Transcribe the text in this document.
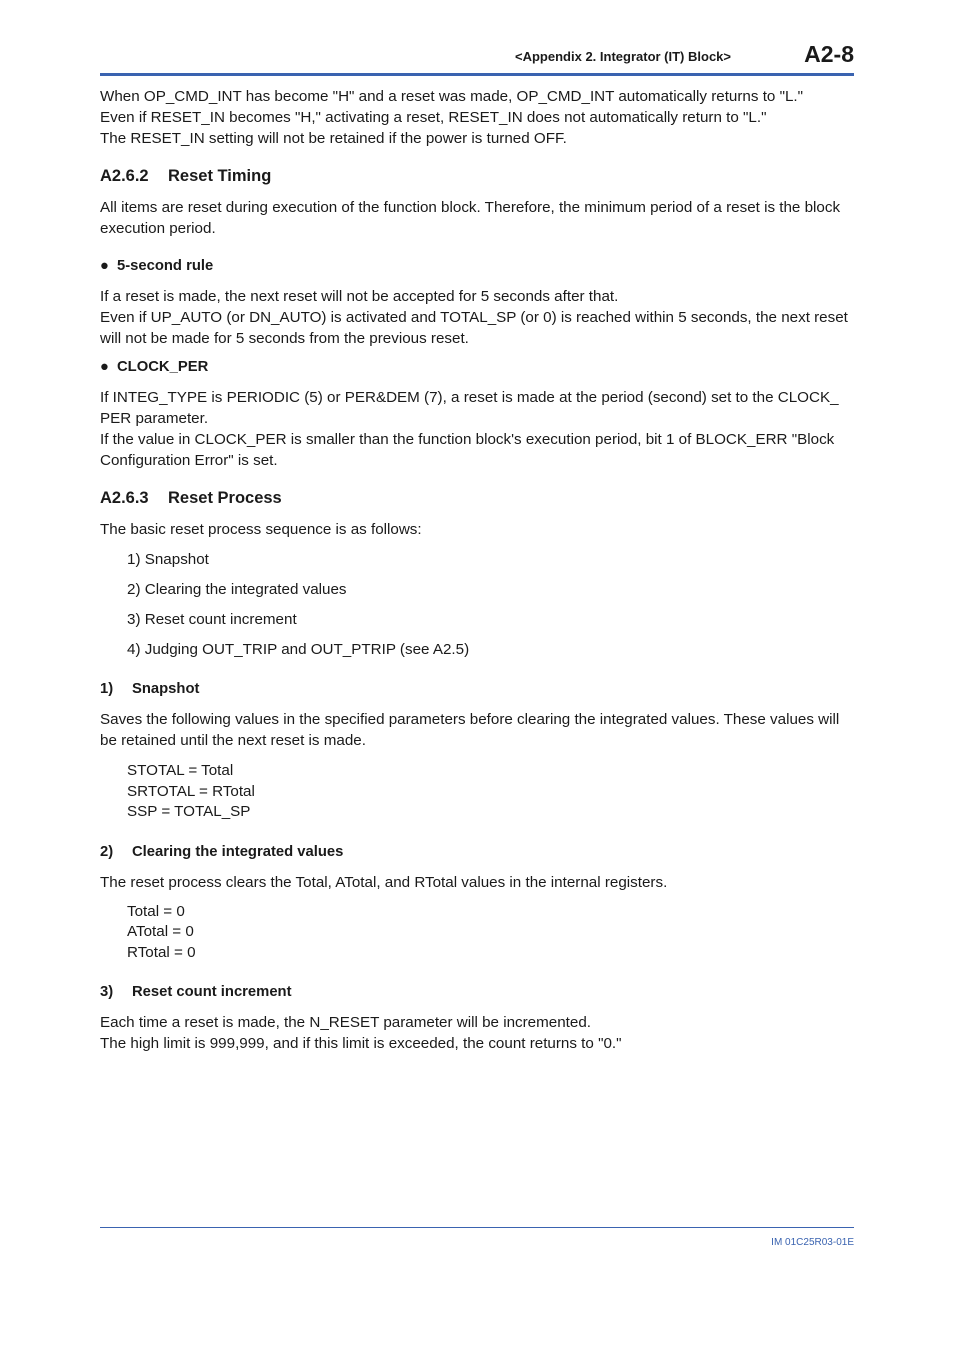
<Appendix 2. Integrator (IT) Block>	A2-8

When OP_CMD_INT has become "H" and a reset was made, OP_CMD_INT automatically returns to "L."

Even if RESET_IN becomes "H," activating a reset, RESET_IN does not automatically return to "L."

The RESET_IN setting will not be retained if the power is turned OFF.

A2.6.2 Reset Timing

All items are reset during execution of the function block. Therefore, the minimum period of a reset is the block execution period.

● 5-second rule

If a reset is made, the next reset will not be accepted for 5 seconds after that.

Even if UP_AUTO (or DN_AUTO) is activated and TOTAL_SP (or 0) is reached within 5 seconds, the next reset will not be made for 5 seconds from the previous reset.

● CLOCK_PER

If INTEG_TYPE is PERIODIC (5) or PER&DEM (7), a reset is made at the period (second) set to the CLOCK_ PER parameter.

If the value in CLOCK_PER is smaller than the function block's execution period, bit 1 of BLOCK_ERR "Block Configuration Error" is set.

A2.6.3 Reset Process

The basic reset process sequence is as follows:

1) Snapshot
2) Clearing the integrated values
3) Reset count increment
4) Judging OUT_TRIP and OUT_PTRIP (see A2.5)
1) Snapshot

Saves the following values in the specified parameters before clearing the integrated values. These values will be retained until the next reset is made.

STOTAL = Total
SRTOTAL = RTotal
SSP = TOTAL_SP
2) Clearing the integrated values

The reset process clears the Total, ATotal, and RTotal values in the internal registers.

Total = 0
ATotal = 0
RTotal = 0
3) Reset count increment

Each time a reset is made, the N_RESET parameter will be incremented.

The high limit is 999,999, and if this limit is exceeded, the count returns to "0."

IM 01C25R03-01E
